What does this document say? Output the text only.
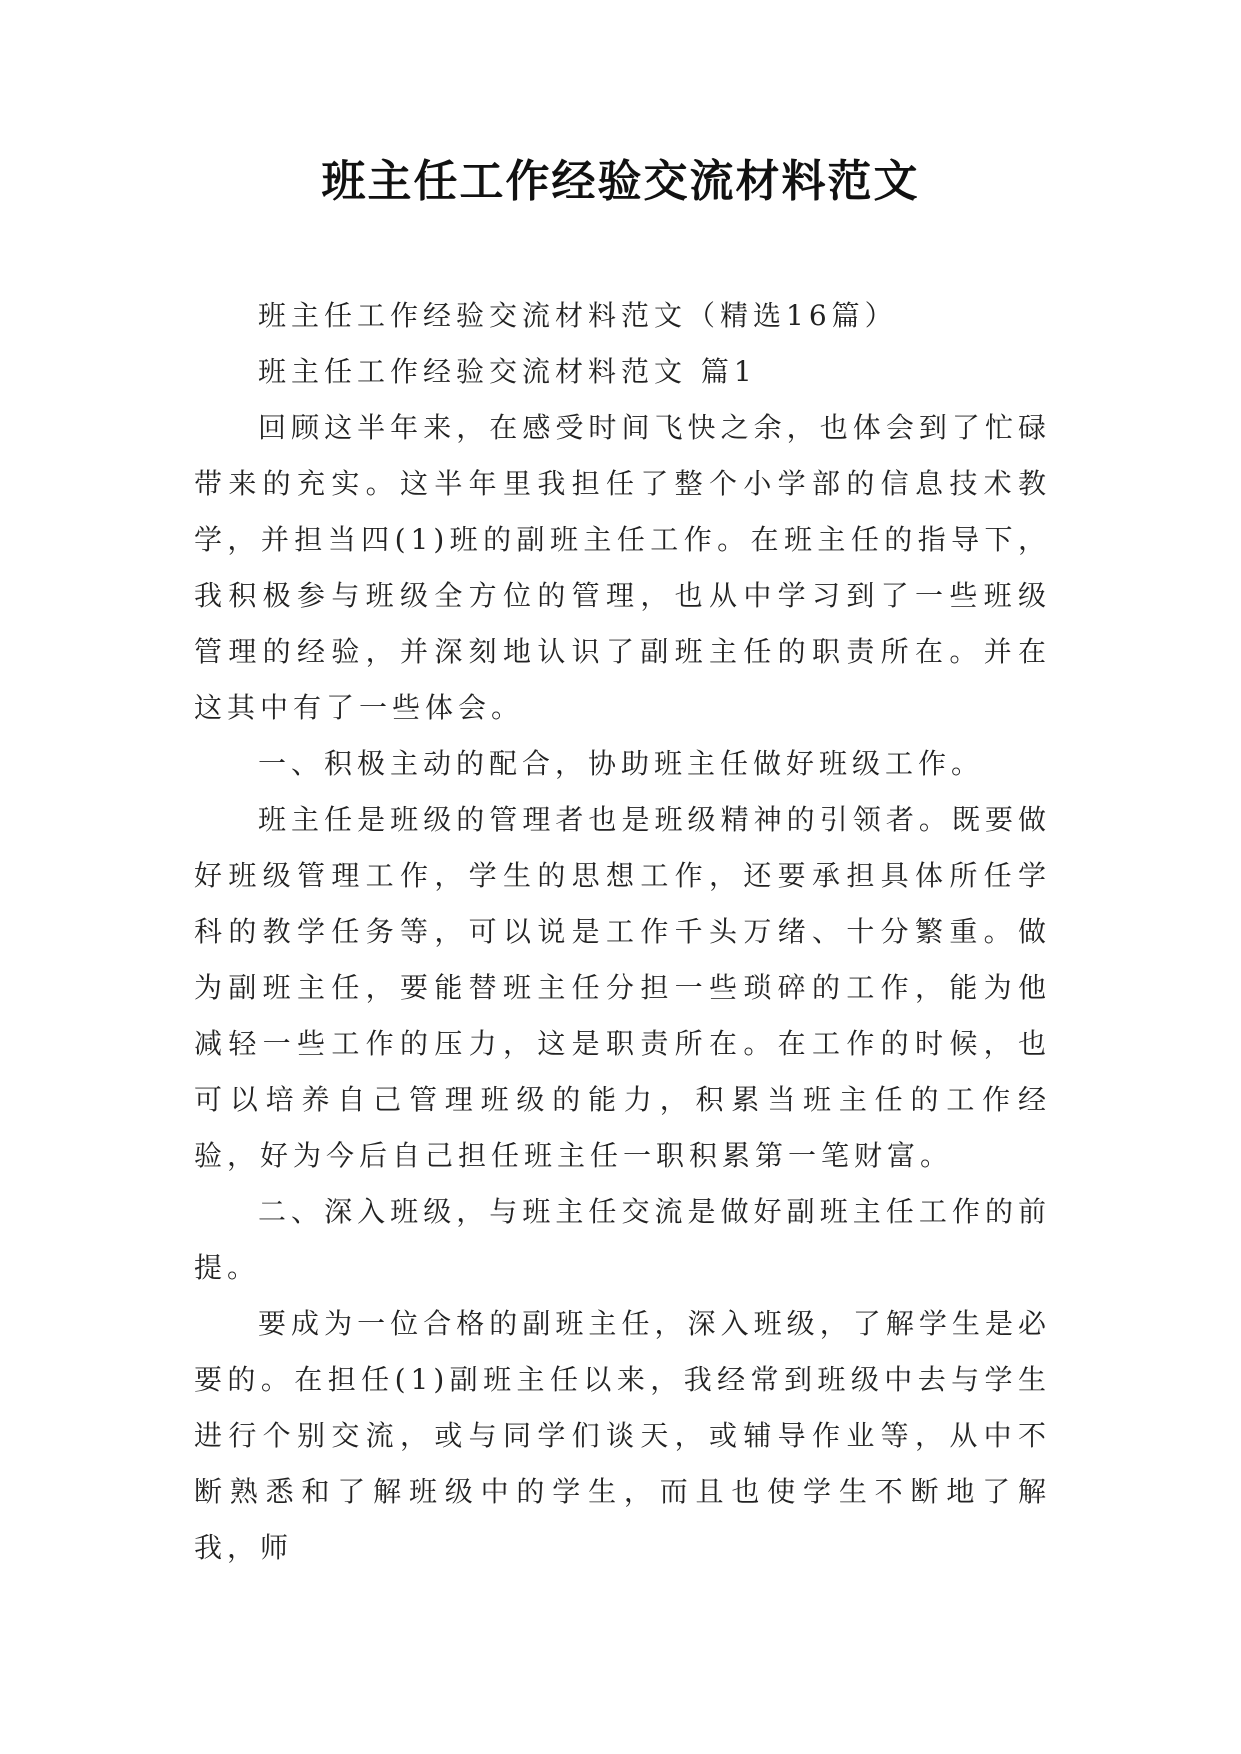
班主任工作经验交流材料范文

班主任工作经验交流材料范文（精选16篇）

班主任工作经验交流材料范文 篇1

回顾这半年来，在感受时间飞快之余，也体会到了忙碌带来的充实。这半年里我担任了整个小学部的信息技术教学，并担当四(1)班的副班主任工作。在班主任的指导下，我积极参与班级全方位的管理，也从中学习到了一些班级管理的经验，并深刻地认识了副班主任的职责所在。并在这其中有了一些体会。

一、积极主动的配合，协助班主任做好班级工作。

班主任是班级的管理者也是班级精神的引领者。既要做好班级管理工作，学生的思想工作，还要承担具体所任学科的教学任务等，可以说是工作千头万绪、十分繁重。做为副班主任，要能替班主任分担一些琐碎的工作，能为他减轻一些工作的压力，这是职责所在。在工作的时候，也可以培养自己管理班级的能力，积累当班主任的工作经验，好为今后自己担任班主任一职积累第一笔财富。

二、深入班级，与班主任交流是做好副班主任工作的前提。

要成为一位合格的副班主任，深入班级，了解学生是必要的。在担任(1)副班主任以来，我经常到班级中去与学生进行个别交流，或与同学们谈天，或辅导作业等，从中不断熟悉和了解班级中的学生，而且也使学生不断地了解我，师
